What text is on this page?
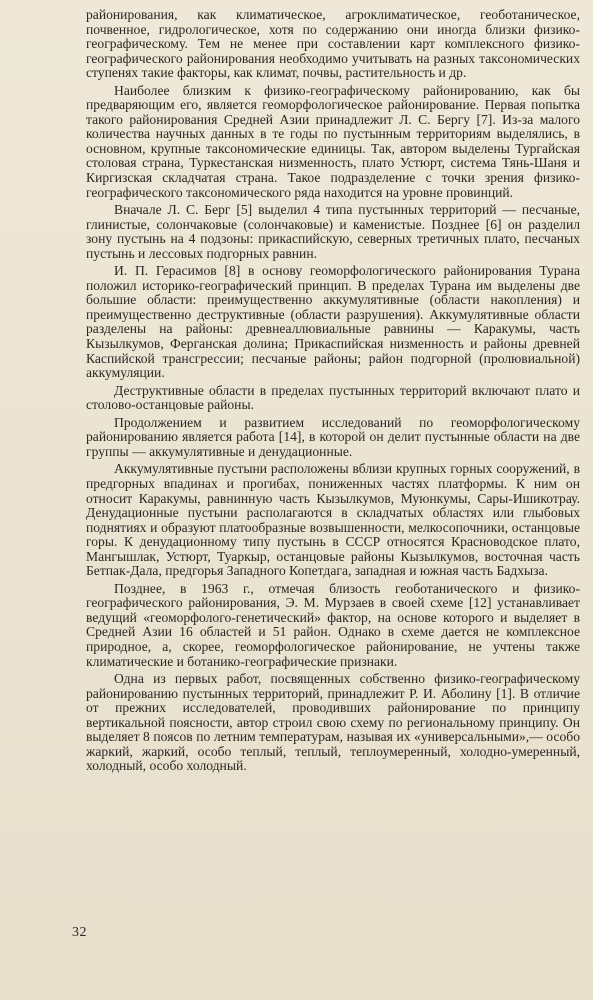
районирования, как климатическое, агроклиматическое, геоботаническое, почвенное, гидрологическое, хотя по содержанию они иногда близки физико-географическому. Тем не менее при составлении карт комплексного физико-географического районирования необходимо учитывать на разных таксономических ступенях такие факторы, как климат, почвы, растительность и др.

Наиболее близким к физико-географическому районированию, как бы предваряющим его, является геоморфологическое районирование. Первая попытка такого районирования Средней Азии принадлежит Л. С. Бергу [7]. Из-за малого количества научных данных в те годы по пустынным территориям выделялись, в основном, крупные таксономические единицы. Так, автором выделены Тургайская столовая страна, Туркестанская низменность, плато Устюрт, система Тянь-Шаня и Киргизская складчатая страна. Такое подразделение с точки зрения физико-географического таксономического ряда находится на уровне провинций.

Вначале Л. С. Берг [5] выделил 4 типа пустынных территорий — песчаные, глинистые, солончаковые (солончаковые) и каменистые. Позднее [6] он разделил зону пустынь на 4 подзоны: прикаспийскую, северных третичных плато, песчаных пустынь и лессовых подгорных равнин.

И. П. Герасимов [8] в основу геоморфологического районирования Турана положил историко-географический принцип. В пределах Турана им выделены две большие области: преимущественно аккумулятивные (области накопления) и преимущественно деструктивные (области разрушения). Аккумулятивные области разделены на районы: древнеаллювиальные равнины — Каракумы, часть Кызылкумов, Ферганская долина; Прикаспийская низменность и районы древней Каспийской трансгрессии; песчаные районы; район подгорной (пролювиальной) аккумуляции.

Деструктивные области в пределах пустынных территорий включают плато и столово-останцовые районы.

Продолжением и развитием исследований по геоморфологическому районированию является работа [14], в которой он делит пустынные области на две группы — аккумулятивные и денудационные.

Аккумулятивные пустыни расположены вблизи крупных горных сооружений, в предгорных впадинах и прогибах, пониженных частях платформы. К ним он относит Каракумы, равнинную часть Кызылкумов, Муюнкумы, Сары-Ишикотрау. Денудационные пустыни располагаются в складчатых областях или глыбовых поднятиях и образуют платообразные возвышенности, мелкосопочники, останцовые горы. К денудационному типу пустынь в СССР относятся Красноводское плато, Мангышлак, Устюрт, Туаркыр, останцовые районы Кызылкумов, восточная часть Бетпак-Дала, предгорья Западного Копетдага, западная и южная часть Бадхыза.

Позднее, в 1963 г., отмечая близость геоботанического и физико-географического районирования, Э. М. Мурзаев в своей схеме [12] устанавливает ведущий «геоморфолого-генетический» фактор, на основе которого и выделяет в Средней Азии 16 областей и 51 район. Однако в схеме дается не комплексное природное, а, скорее, геоморфологическое районирование, не учтены также климатические и ботанико-географические признаки.

Одна из первых работ, посвященных собственно физико-географическому районированию пустынных территорий, принадлежит Р. И. Аболину [1]. В отличие от прежних исследователей, проводивших районирование по принципу вертикальной поясности, автор строил свою схему по региональному принципу. Он выделяет 8 поясов по летним температурам, называя их «универсальными»,— особо жаркий, жаркий, особо теплый, теплый, теплоумеренный, холодно-умеренный, холодный, особо холодный.

32
